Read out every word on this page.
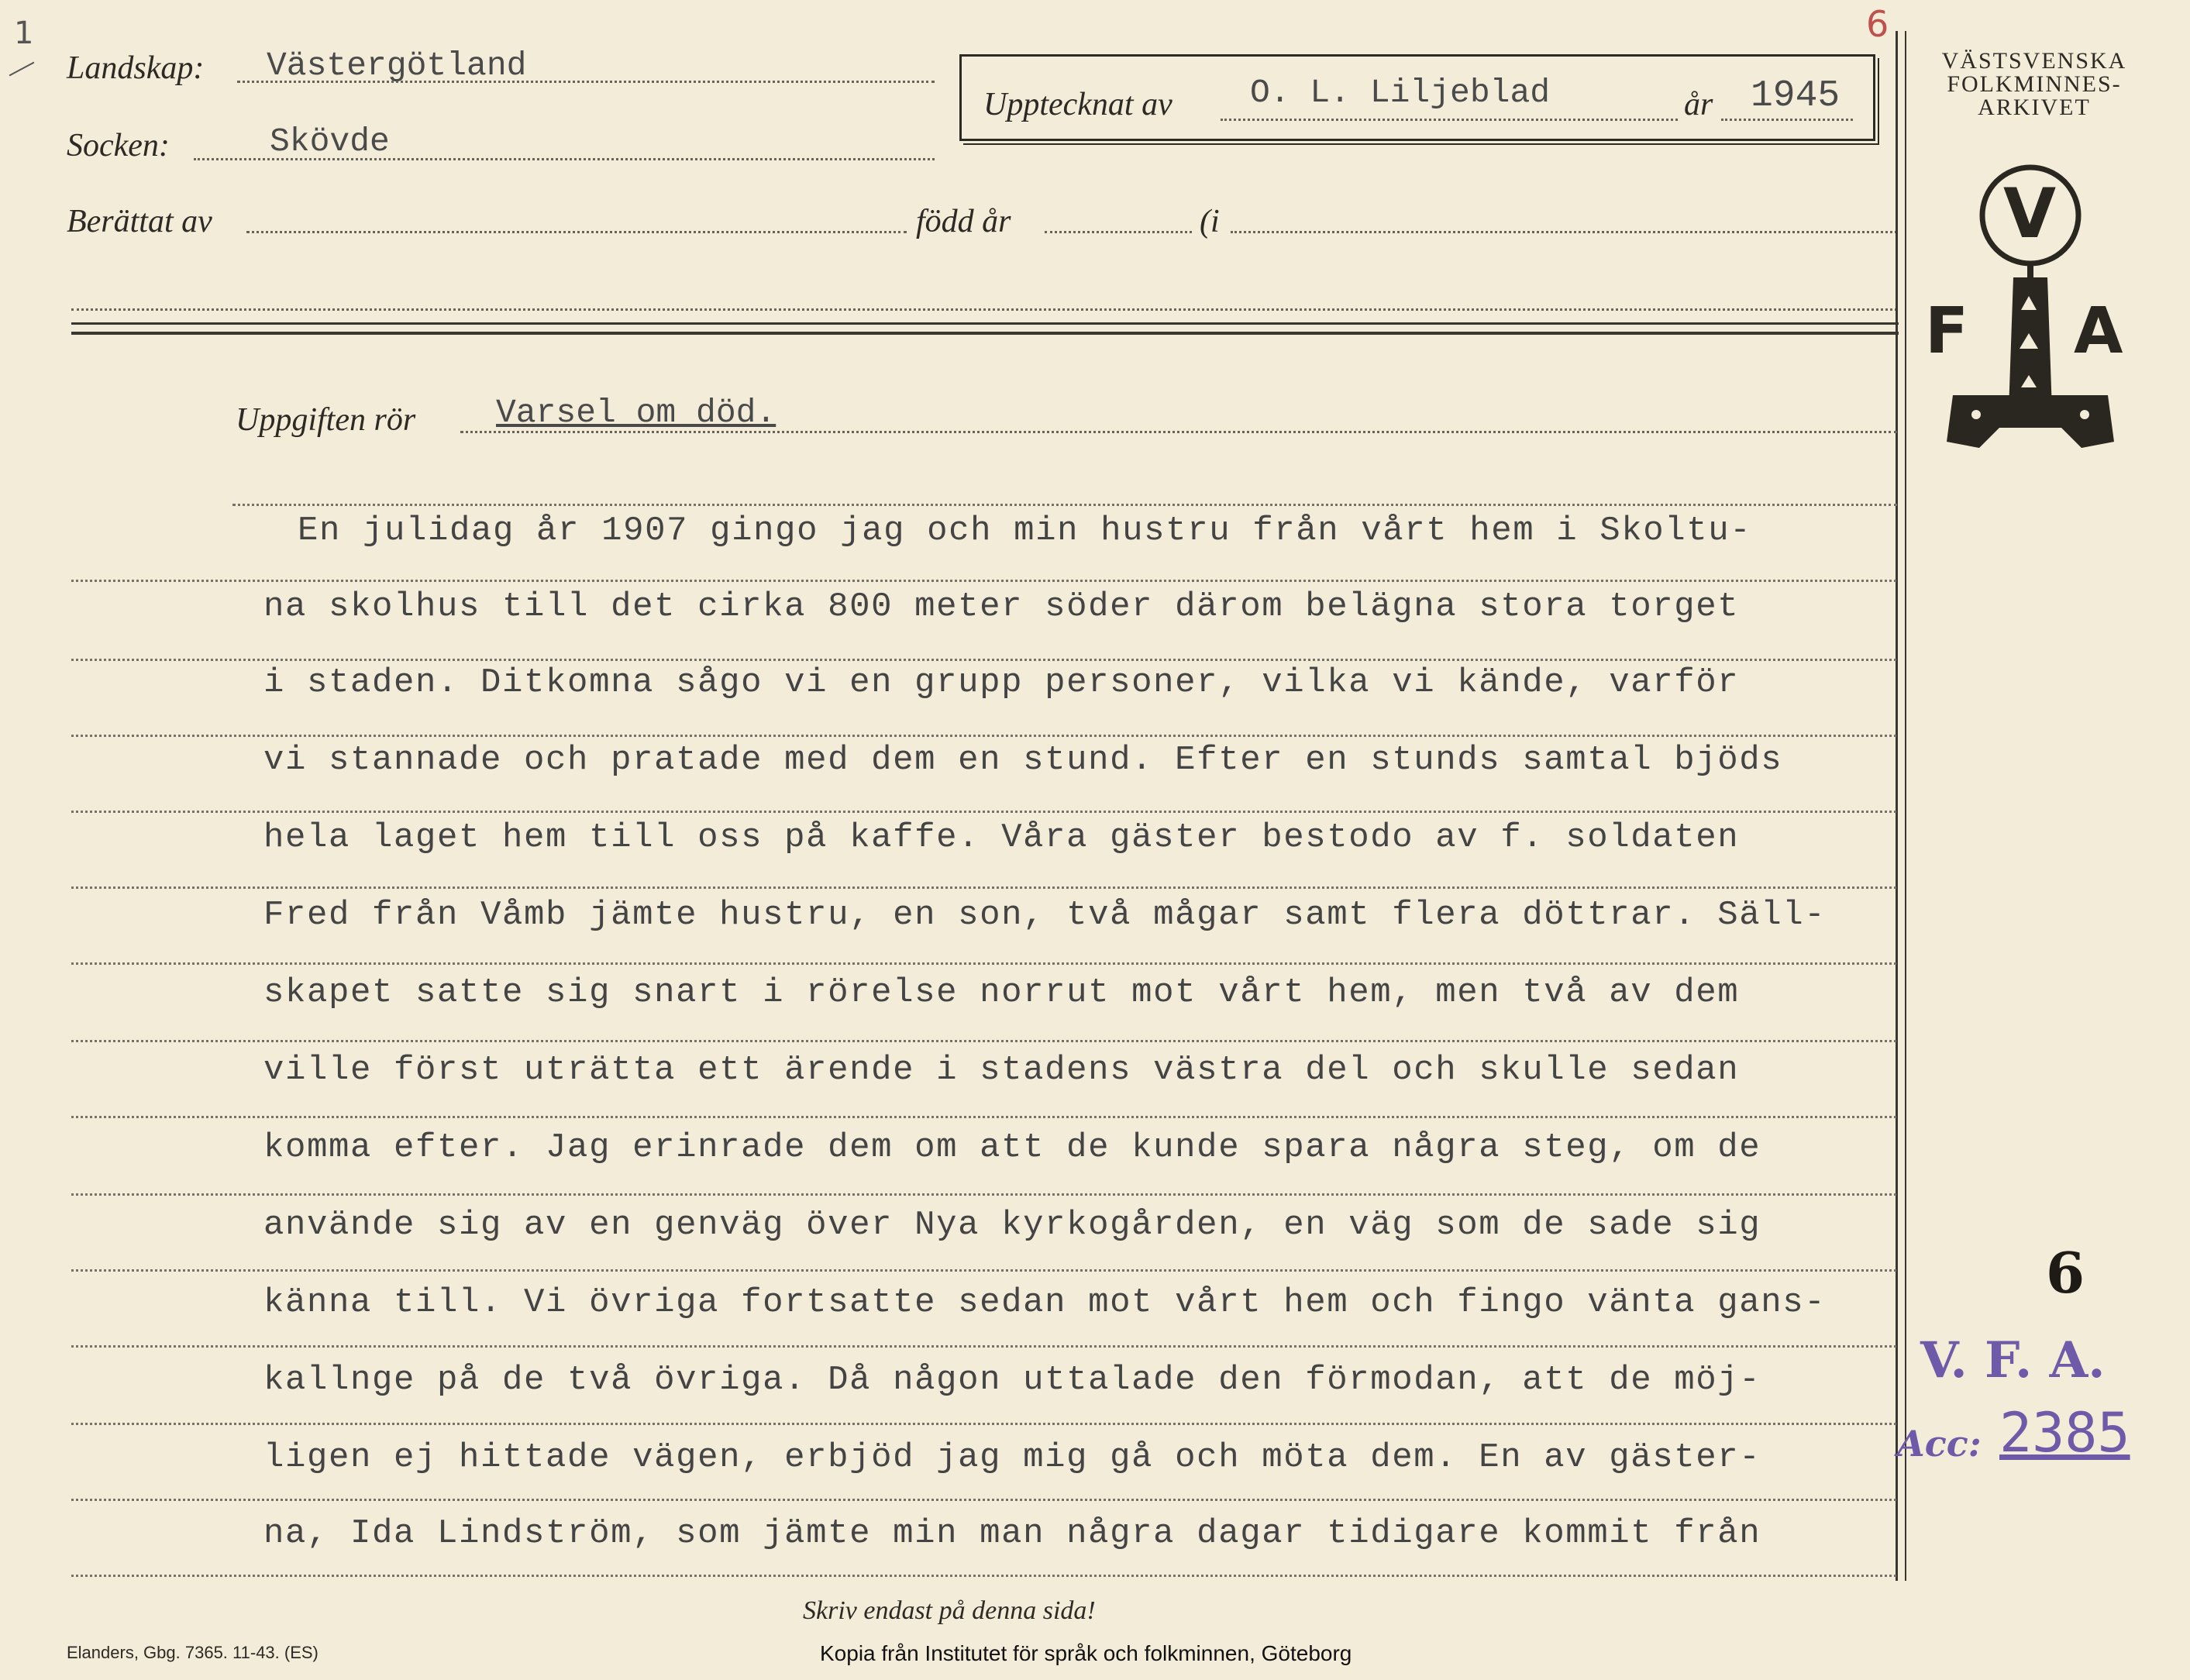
1	6
Landskap: Västergötland
Socken:	Skövde
Upptecknat av O. L. Liljeblad	år 1945
Berättat av	född år	(i
VÄSTSVENSKA
FOLKMINNES-
ARKIVET
V
F A
Uppgiften rör Varsel om död.
En julidag år 1907 gingo jag och min hustru från vårt hem i Skoltu-
na skolhus till det cirka 800 meter söder därom belägna stora torget
i staden. Ditkomna sågo vi en grupp personer, vilka vi kände, varför
vi stannade och pratade med dem en stund. Efter en stunds samtal bjöds
hela laget hem till oss på kaffe. Våra gäster bestodo av f. soldaten
Fred från Våmb jämte hustru, en son, två mågar samt flera döttrar. Säll-
skapet satte sig snart i rörelse norrut mot vårt hem, men två av dem
ville först uträtta ett ärende i stadens västra del och skulle sedan
komma efter. Jag erinrade dem om att de kunde spara några steg, om de
använde sig av en genväg över Nya kyrkogården, en väg som de sade sig
känna till. Vi övriga fortsatte sedan mot vårt hem och fingo vänta gans-
kallnge på de två övriga. Då någon uttalade den förmodan, att de möj-
ligen ej hittade vägen, erbjöd jag mig gå och möta dem. En av gäster-
na, Ida Lindström, som jämte min man några dagar tidigare kommit från
6
V. F. A.
Acc: 2385
Skriv endast på denna sida!
Elanders, Gbg. 7365. 11-43. (ES)	Kopia från Institutet för språk och folkminnen, Göteborg
